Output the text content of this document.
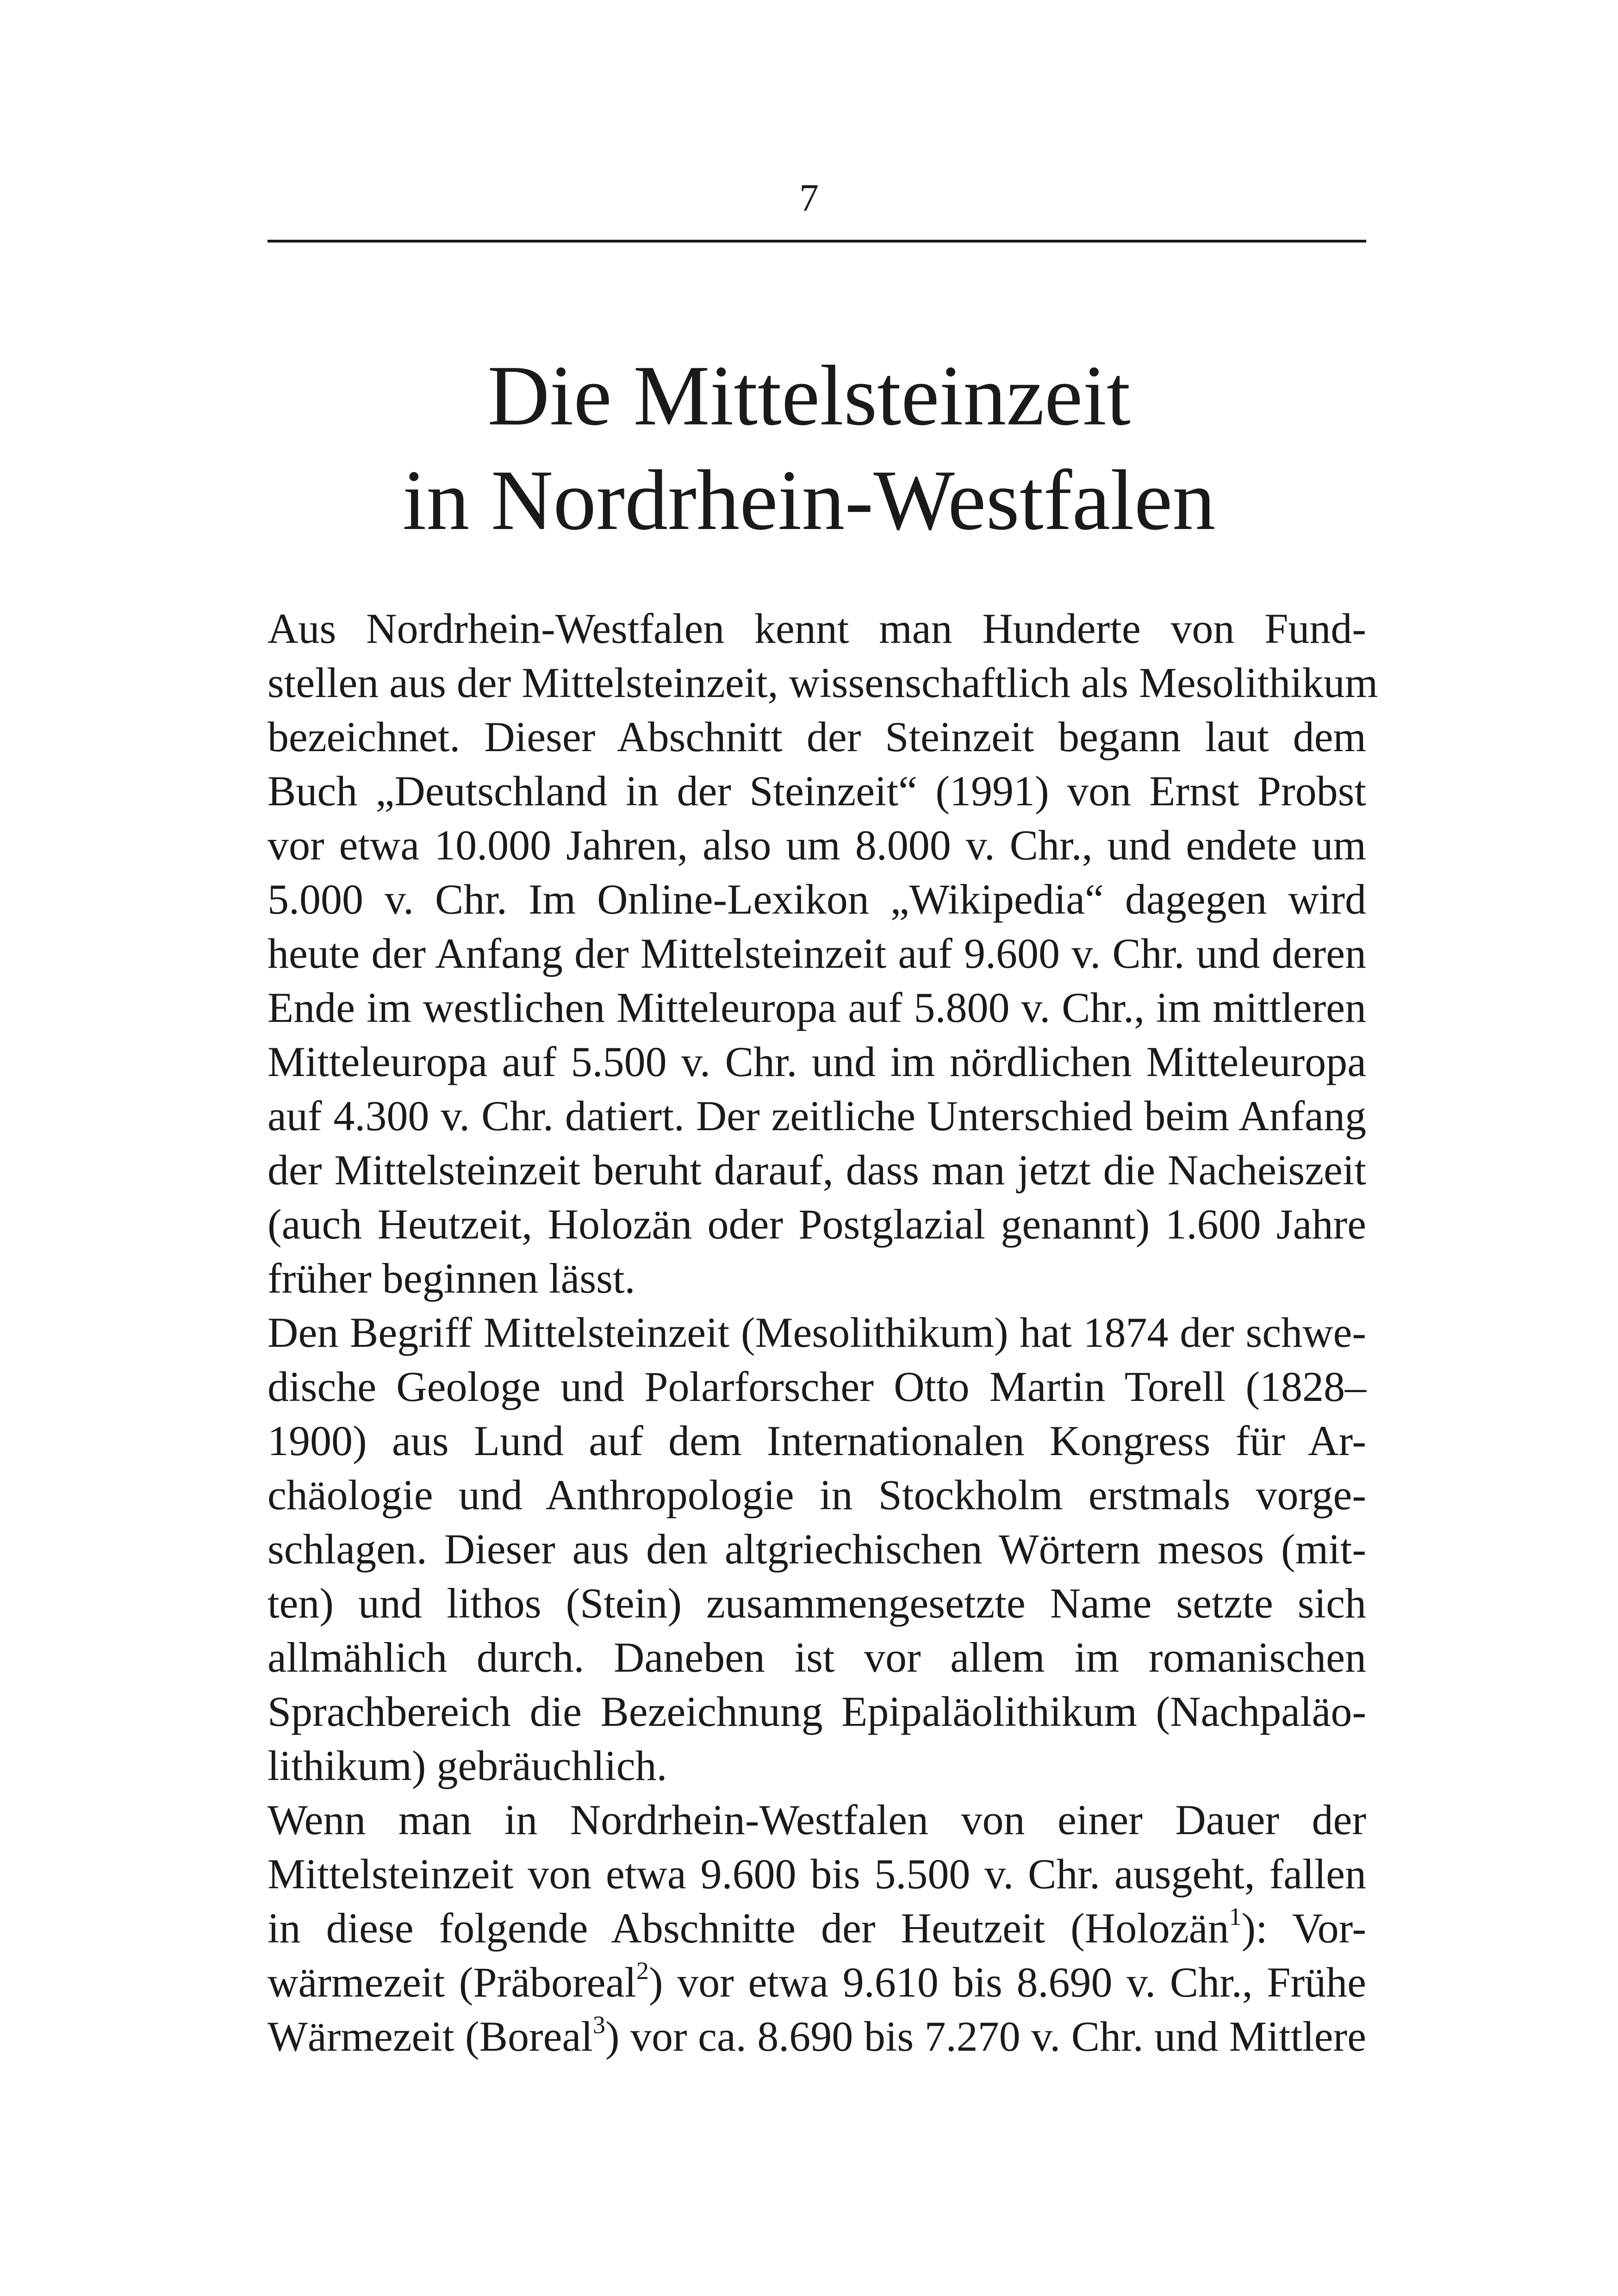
7
Die Mittelsteinzeit
in Nordrhein-Westfalen
Aus Nordrhein-Westfalen kennt man Hunderte von Fund-
stellen aus der Mittelsteinzeit, wissenschaftlich als Mesolithikum
bezeichnet. Dieser Abschnitt der Steinzeit begann laut dem
Buch „Deutschland in der Steinzeit“ (1991) von Ernst Probst
vor etwa 10.000 Jahren, also um 8.000 v. Chr., und endete um
5.000 v. Chr. Im Online-Lexikon „Wikipedia“ dagegen wird
heute der Anfang der Mittelsteinzeit auf 9.600 v. Chr. und deren
Ende im westlichen Mitteleuropa auf 5.800 v. Chr., im mittleren
Mitteleuropa auf 5.500 v. Chr. und im nördlichen Mitteleuropa
auf 4.300 v. Chr. datiert. Der zeitliche Unterschied beim Anfang
der Mittelsteinzeit beruht darauf, dass man jetzt die Nacheiszeit
(auch Heutzeit, Holozän oder Postglazial genannt) 1.600 Jahre
früher beginnen lässt.
Den Begriff Mittelsteinzeit (Mesolithikum) hat 1874 der schwe-
dische Geologe und Polarforscher Otto Martin Torell (1828–
1900) aus Lund auf dem Internationalen Kongress für Ar-
chäologie und Anthropologie in Stockholm erstmals vorge-
schlagen. Dieser aus den altgriechischen Wörtern mesos (mit-
ten) und lithos (Stein) zusammengesetzte Name setzte sich
allmählich durch. Daneben ist vor allem im romanischen
Sprachbereich die Bezeichnung Epipaläolithikum (Nachpaläo-
lithikum) gebräuchlich.
Wenn man in Nordrhein-Westfalen von einer Dauer der
Mittelsteinzeit von etwa 9.600 bis 5.500 v. Chr. ausgeht, fallen
in diese folgende Abschnitte der Heutzeit (Holozän$^1$): Vor-
wärmezeit (Präboreal$^2$) vor etwa 9.610 bis 8.690 v. Chr., Frühe
Wärmezeit (Boreal$^3$) vor ca. 8.690 bis 7.270 v. Chr. und Mittlere
